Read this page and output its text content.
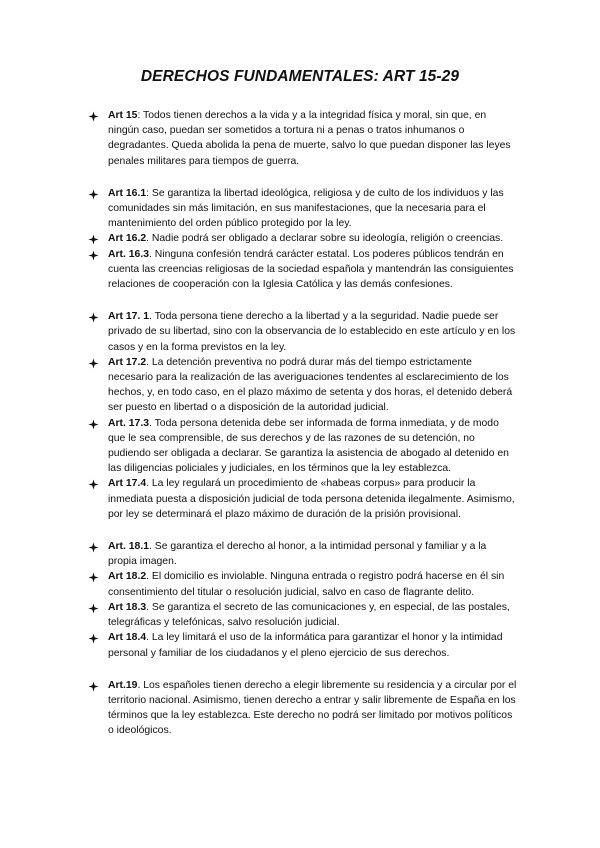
DERECHOS FUNDAMENTALES: ART 15-29
Art 15: Todos tienen derechos a la vida y a la integridad física y moral, sin que, en ningún caso, puedan ser sometidos a tortura ni a penas o tratos inhumanos o degradantes. Queda abolida la pena de muerte, salvo lo que puedan disponer las leyes penales militares para tiempos de guerra.
Art 16.1: Se garantiza la libertad ideológica, religiosa y de culto de los individuos y las comunidades sin más limitación, en sus manifestaciones, que la necesaria para el mantenimiento del orden público protegido por la ley.
Art 16.2. Nadie podrá ser obligado a declarar sobre su ideología, religión o creencias.
Art. 16.3. Ninguna confesión tendrá carácter estatal. Los poderes públicos tendrán en cuenta las creencias religiosas de la sociedad española y mantendrán las consiguientes relaciones de cooperación con la Iglesia Católica y las demás confesiones.
Art 17. 1. Toda persona tiene derecho a la libertad y a la seguridad. Nadie puede ser privado de su libertad, sino con la observancia de lo establecido en este artículo y en los casos y en la forma previstos en la ley.
Art 17.2. La detención preventiva no podrá durar más del tiempo estrictamente necesario para la realización de las averiguaciones tendentes al esclarecimiento de los hechos, y, en todo caso, en el plazo máximo de setenta y dos horas, el detenido deberá ser puesto en libertad o a disposición de la autoridad judicial.
Art. 17.3. Toda persona detenida debe ser informada de forma inmediata, y de modo que le sea comprensible, de sus derechos y de las razones de su detención, no pudiendo ser obligada a declarar. Se garantiza la asistencia de abogado al detenido en las diligencias policiales y judiciales, en los términos que la ley establezca.
Art 17.4. La ley regulará un procedimiento de «habeas corpus» para producir la inmediata puesta a disposición judicial de toda persona detenida ilegalmente. Asimismo, por ley se determinará el plazo máximo de duración de la prisión provisional.
Art. 18.1. Se garantiza el derecho al honor, a la intimidad personal y familiar y a la propia imagen.
Art 18.2. El domicilio es inviolable. Ninguna entrada o registro podrá hacerse en él sin consentimiento del titular o resolución judicial, salvo en caso de flagrante delito.
Art 18.3. Se garantiza el secreto de las comunicaciones y, en especial, de las postales, telegráficas y telefónicas, salvo resolución judicial.
Art 18.4. La ley limitará el uso de la informática para garantizar el honor y la intimidad personal y familiar de los ciudadanos y el pleno ejercicio de sus derechos.
Art.19. Los españoles tienen derecho a elegir libremente su residencia y a circular por el territorio nacional. Asimismo, tienen derecho a entrar y salir libremente de España en los términos que la ley establezca. Este derecho no podrá ser limitado por motivos políticos o ideológicos.
